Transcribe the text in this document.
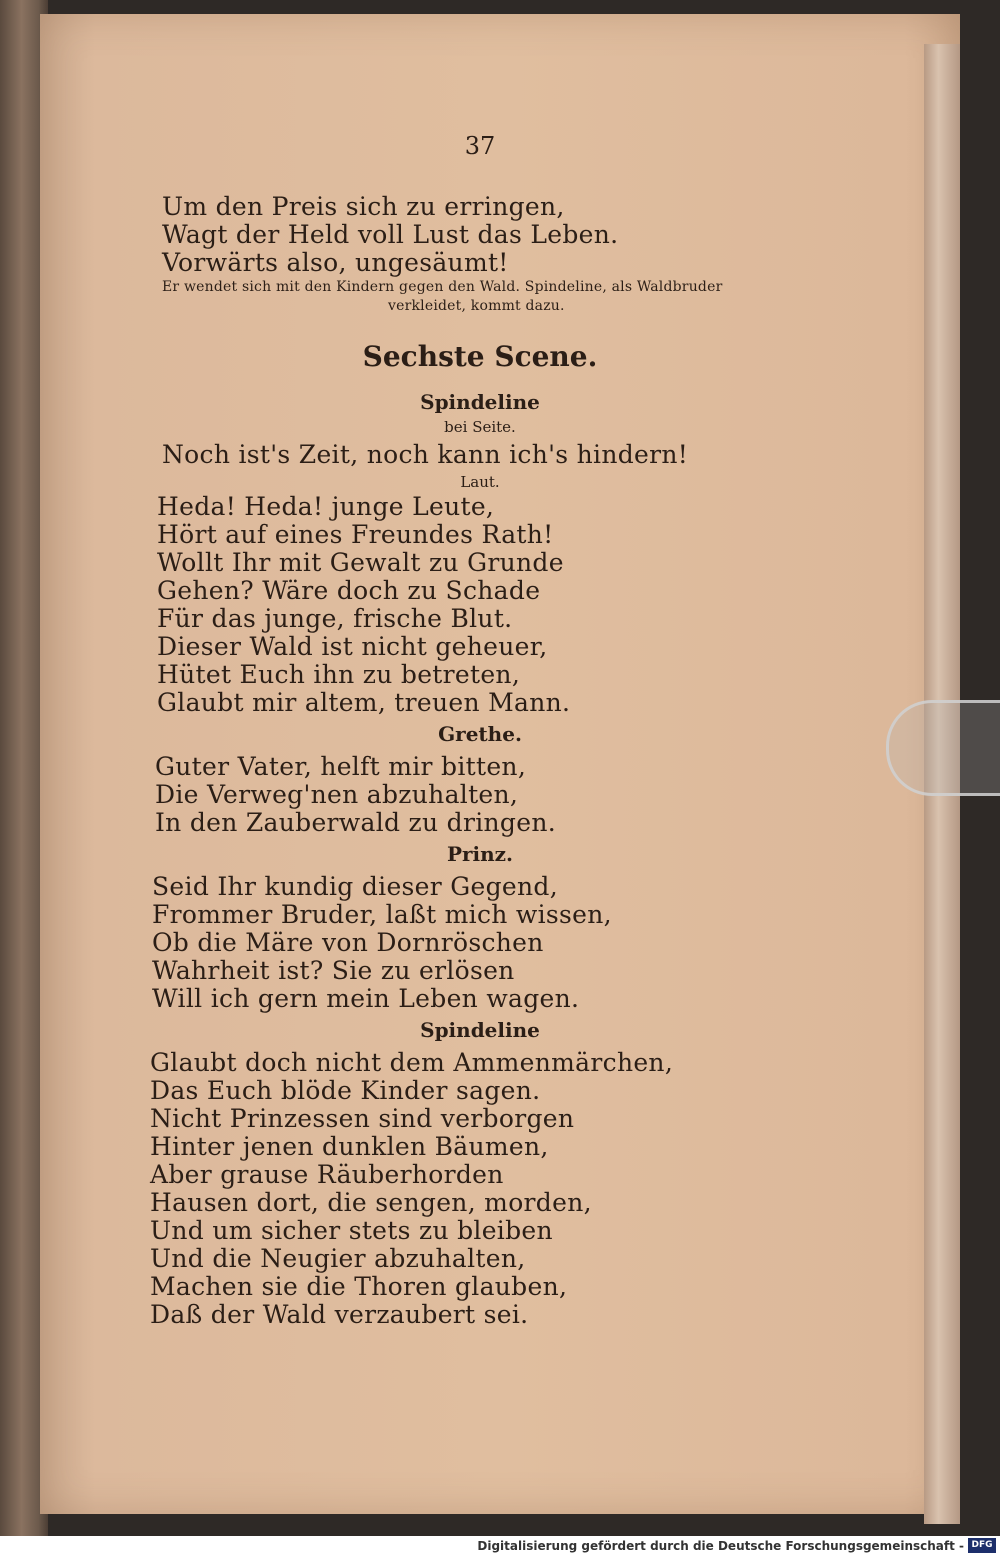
37
Um den Preis sich zu erringen,
Wagt der Held voll Lust das Leben.
Vorwärts also, ungesäumt!
Er wendet sich mit den Kindern gegen den Wald. Spindeline, als Waldbruder
verkleidet, kommt dazu.
Sechste Scene.
Spindeline
bei Seite.
Noch ist's Zeit, noch kann ich's hindern!
Laut.
Heda! Heda! junge Leute,
Hört auf eines Freundes Rath!
Wollt Ihr mit Gewalt zu Grunde
Gehen? Wäre doch zu Schade
Für das junge, frische Blut.
Dieser Wald ist nicht geheuer,
Hütet Euch ihn zu betreten,
Glaubt mir altem, treuen Mann.
Grethe.
Guter Vater, helft mir bitten,
Die Verweg'nen abzuhalten,
In den Zauberwald zu dringen.
Prinz.
Seid Ihr kundig dieser Gegend,
Frommer Bruder, laßt mich wissen,
Ob die Märe von Dornröschen
Wahrheit ist? Sie zu erlösen
Will ich gern mein Leben wagen.
Spindeline
Glaubt doch nicht dem Ammenmärchen,
Das Euch blöde Kinder sagen.
Nicht Prinzessen sind verborgen
Hinter jenen dunklen Bäumen,
Aber grause Räuberhorden
Hausen dort, die sengen, morden,
Und um sicher stets zu bleiben
Und die Neugier abzuhalten,
Machen sie die Thoren glauben,
Daß der Wald verzaubert sei.
Digitalisierung gefördert durch die Deutsche Forschungsgemeinschaft - DFG
